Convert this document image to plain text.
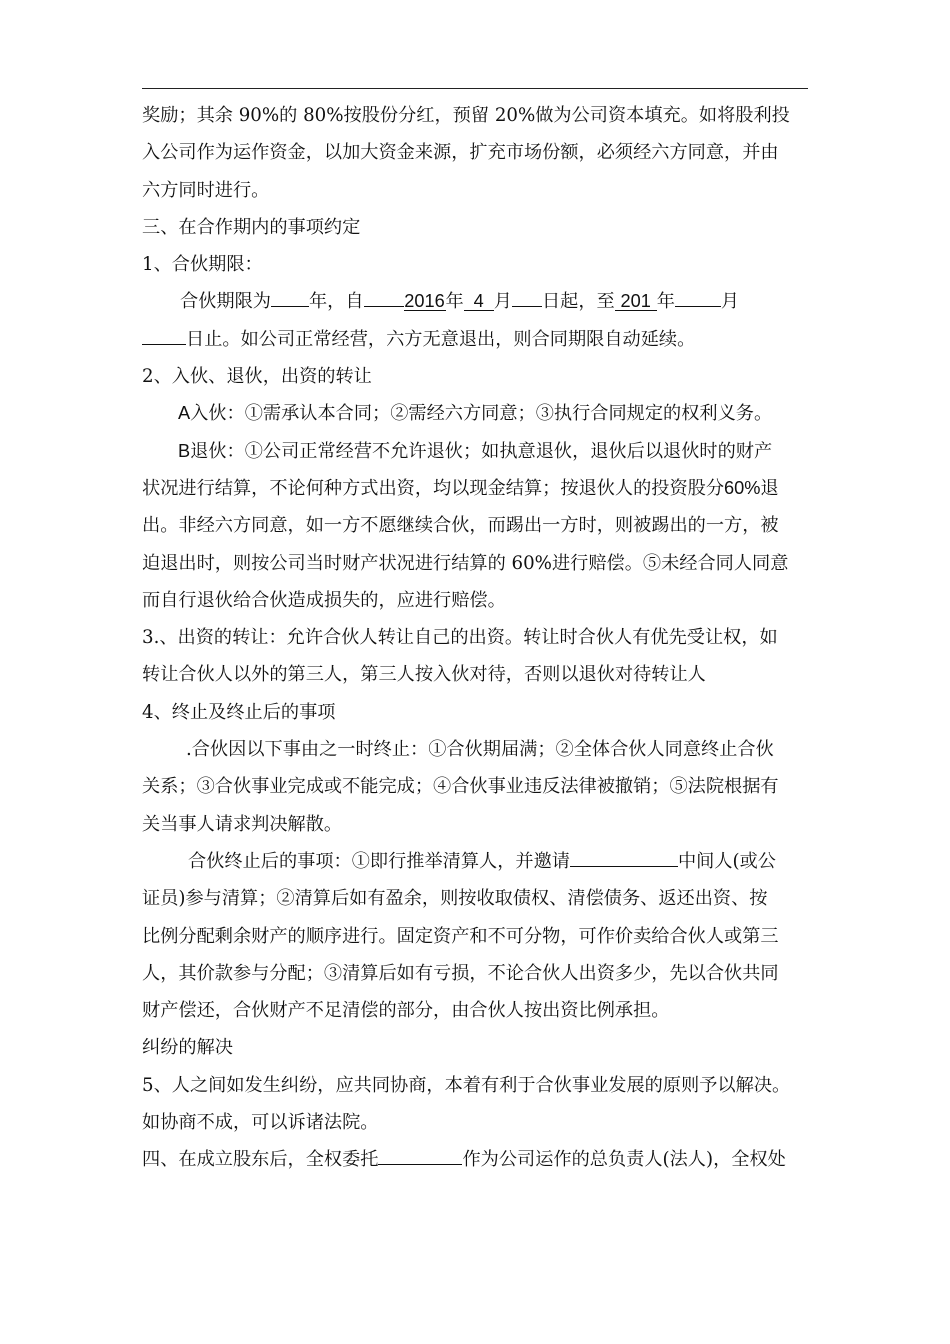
奖励；其余 90%的 80%按股份分红，预留 20%做为公司资本填充。如将股利投

入公司作为运作资金，以加大资金来源，扩充市场份额，必须经六方同意，并由

六方同时进行。

三、在合作期内的事项约定

1、合伙期限：

合伙期限为 年，自 2016年 4 月 日起，至 201 年	月

日止。如公司正常经营，六方无意退出，则合同期限自动延续。

2、入伙、退伙，出资的转让

A入伙：①需承认本合同；②需经六方同意；③执行合同规定的权利义务。

B退伙：①公司正常经营不允许退伙；如执意退伙，退伙后以退伙时的财产

状况进行结算，不论何种方式出资，均以现金结算；按退伙人的投资股分60%退

出。非经六方同意，如一方不愿继续合伙，而踢出一方时，则被踢出的一方，被

迫退出时，则按公司当时财产状况进行结算的 60%进行赔偿。⑤未经合同人同意

而自行退伙给合伙造成损失的，应进行赔偿。

3.、出资的转让：允许合伙人转让自己的出资。转让时合伙人有优先受让权，如

转让合伙人以外的第三人，第三人按入伙对待，否则以退伙对待转让人

4、终止及终止后的事项

.合伙因以下事由之一时终止：①合伙期届满；②全体合伙人同意终止合伙

关系；③合伙事业完成或不能完成；④合伙事业违反法律被撤销；⑤法院根据有

关当事人请求判决解散。

合伙终止后的事项：①即行推举清算人，并邀请	中间人(或公

证员)参与清算；②清算后如有盈余，则按收取债权、清偿债务、返还出资、按

比例分配剩余财产的顺序进行。固定资产和不可分物，可作价卖给合伙人或第三

人，其价款参与分配；③清算后如有亏损，不论合伙人出资多少，先以合伙共同

财产偿还，合伙财产不足清偿的部分，由合伙人按出资比例承担。

纠纷的解决

5、人之间如发生纠纷，应共同协商，本着有利于合伙事业发展的原则予以解决。

如协商不成，可以诉诸法院。

四、在成立股东后，全权委托	作为公司运作的总负责人(法人)，全权处
